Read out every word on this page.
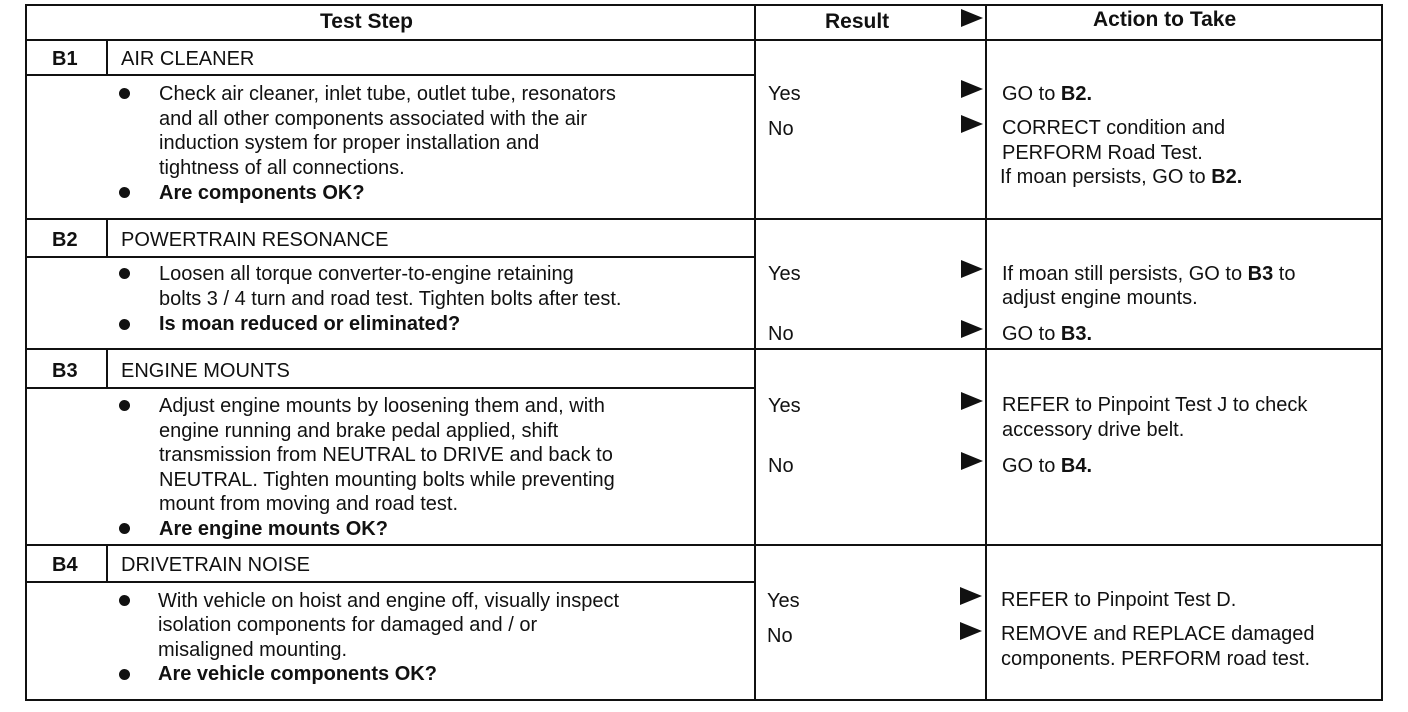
Test Step	Result	Action to Take
B1 AIR CLEANER
Check air cleaner, inlet tube, outlet tube, resonators
and all other components associated with the air
induction system for proper installation and
tightness of all connections.
Are components OK?
Yes
No
GO to B2.
CORRECT condition and
PERFORM Road Test.
If moan persists, GO to B2.
B2 POWERTRAIN RESONANCE
Loosen all torque converter-to-engine retaining
bolts 3 / 4 turn and road test. Tighten bolts after test.
Is moan reduced or eliminated?
Yes
No
If moan still persists, GO to B3 to
adjust engine mounts.
GO to B3.
B3 ENGINE MOUNTS
Adjust engine mounts by loosening them and, with
engine running and brake pedal applied, shift
transmission from NEUTRAL to DRIVE and back to
NEUTRAL. Tighten mounting bolts while preventing
mount from moving and road test.
Are engine mounts OK?
Yes
No
REFER to Pinpoint Test J to check
accessory drive belt.
GO to B4.
B4 DRIVETRAIN NOISE
With vehicle on hoist and engine off, visually inspect
isolation components for damaged and / or
misaligned mounting.
Are vehicle components OK?
Yes
No
REFER to Pinpoint Test D.
REMOVE and REPLACE damaged
components. PERFORM road test.
